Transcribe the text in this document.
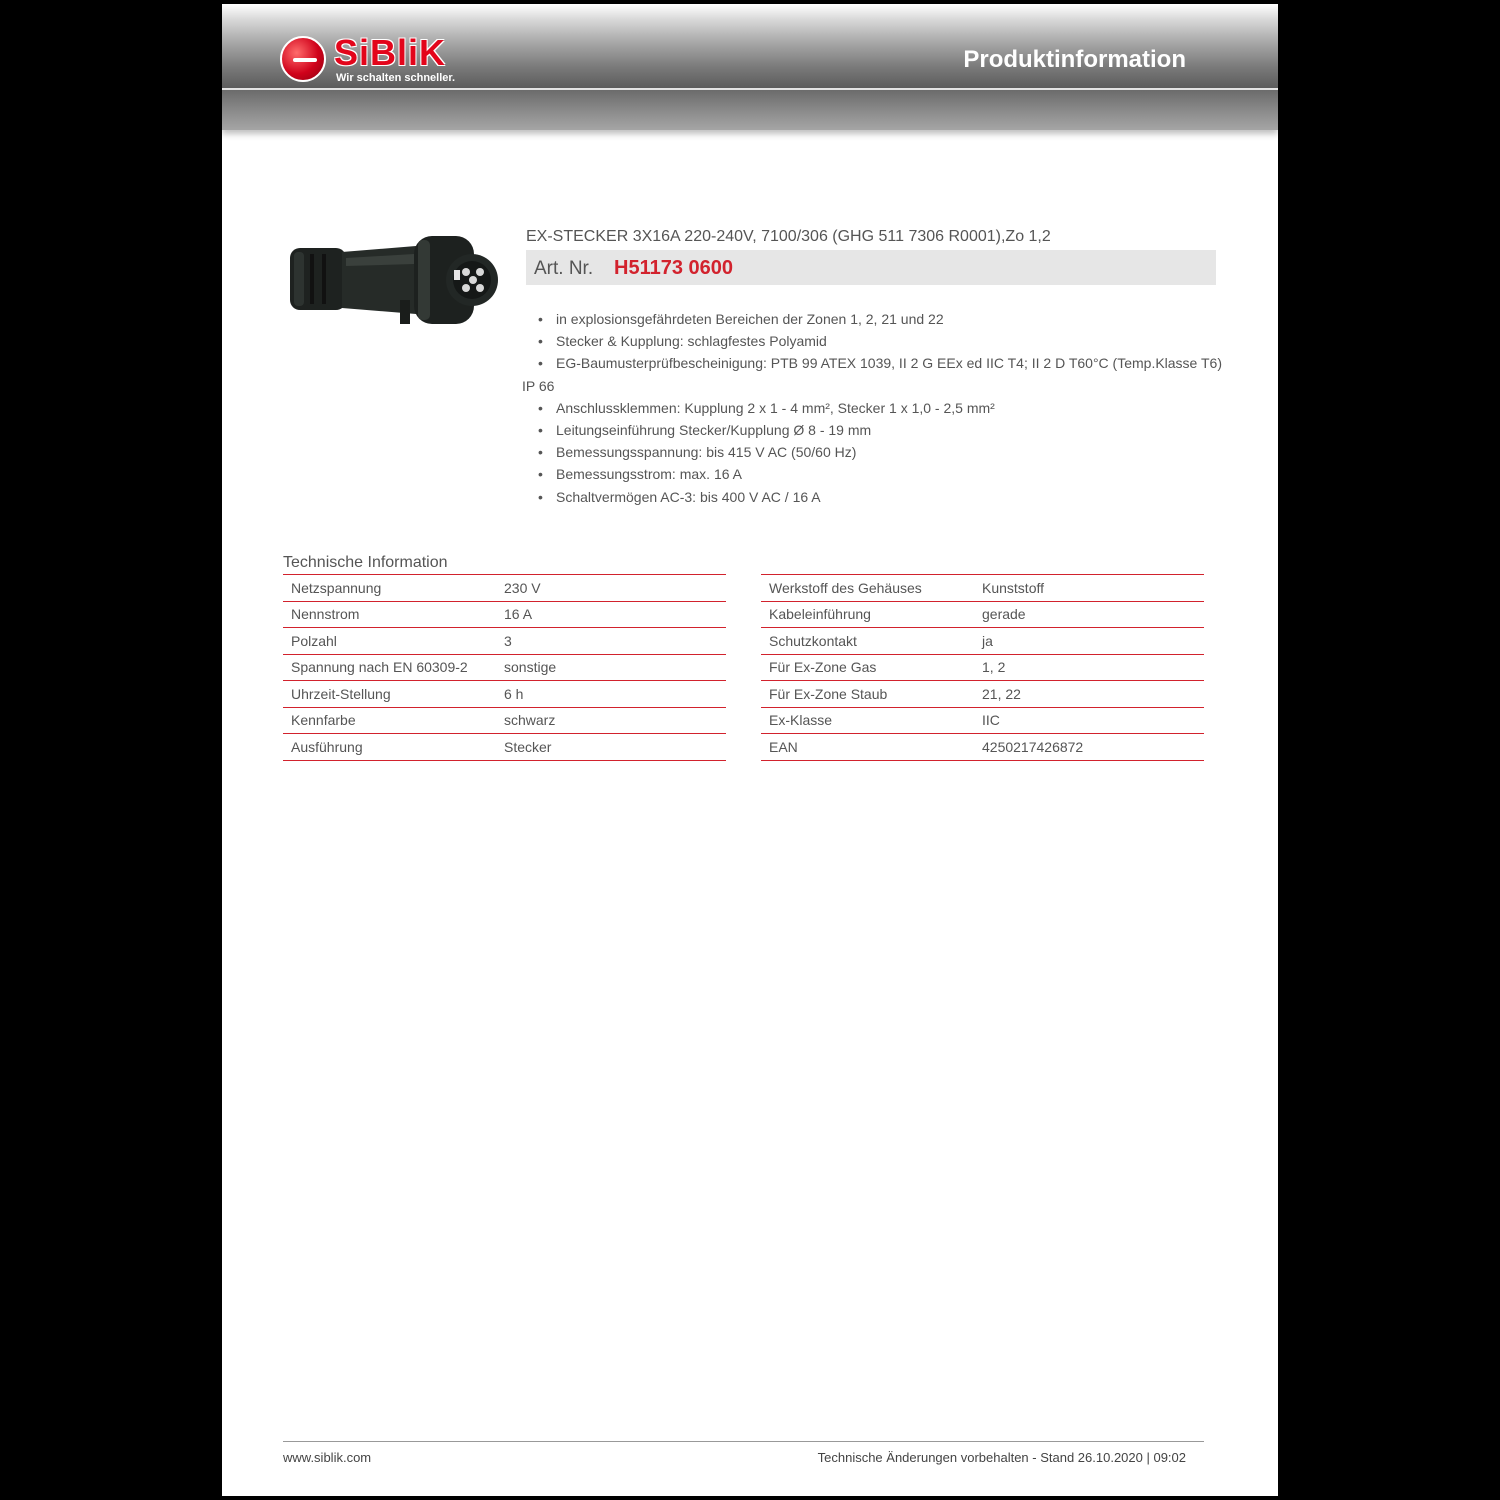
SiBliK
Wir schalten schneller.
Produktinformation
EX-STECKER 3X16A 220-240V, 7100/306 (GHG 511 7306 R0001),Zo 1,2
Art. Nr. H51173 0600
• in explosionsgefährdeten Bereichen der Zonen 1, 2, 21 und 22
• Stecker & Kupplung: schlagfestes Polyamid
• EG-Baumusterprüfbescheinigung: PTB 99 ATEX 1039, II 2 G EEx ed IIC T4; II 2 D T60°C (Temp.Klasse T6)
IP 66
• Anschlussklemmen: Kupplung 2 x 1 - 4 mm², Stecker 1 x 1,0 - 2,5 mm²
• Leitungseinführung Stecker/Kupplung Ø 8 - 19 mm
• Bemessungsspannung: bis 415 V AC (50/60 Hz)
• Bemessungsstrom: max. 16 A
• Schaltvermögen AC-3: bis 400 V AC / 16 A
Technische Information
Netzspannung	230 V
Nennstrom	16 A
Polzahl	3
Spannung nach EN 60309-2	sonstige
Uhrzeit-Stellung	6 h
Kennfarbe	schwarz
Ausführung	Stecker
Werkstoff des Gehäuses	Kunststoff
Kabeleinführung	gerade
Schutzkontakt	ja
Für Ex-Zone Gas	1, 2
Für Ex-Zone Staub	21, 22
Ex-Klasse	IIC
EAN	4250217426872
www.siblik.com	Technische Änderungen vorbehalten - Stand 26.10.2020 | 09:02
